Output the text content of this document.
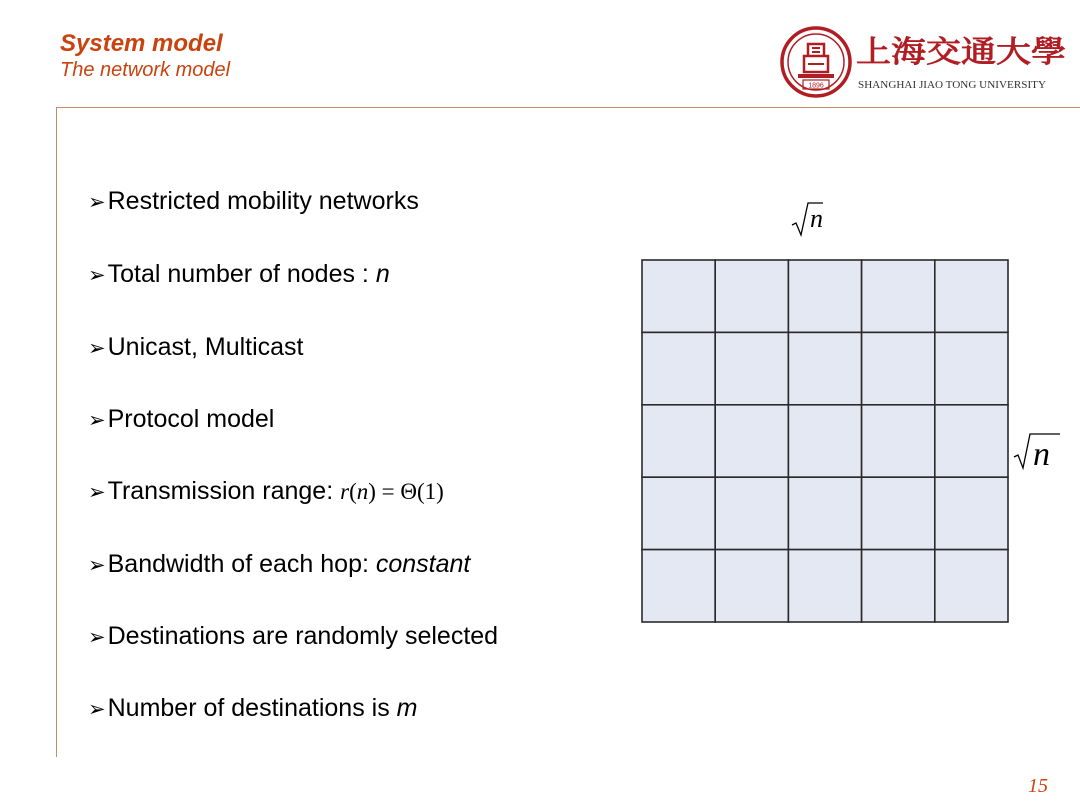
System model
The network model
1896
上海交通大學
SHANGHAI JIAO TONG UNIVERSITY
➢Restricted mobility networks
➢Total number of nodes : n
➢Unicast, Multicast
➢Protocol model
➢Transmission range: r(n) = Θ(1)
➢Bandwidth of each hop: constant
➢Destinations are randomly selected
➢Number of destinations is m
n
n
15
